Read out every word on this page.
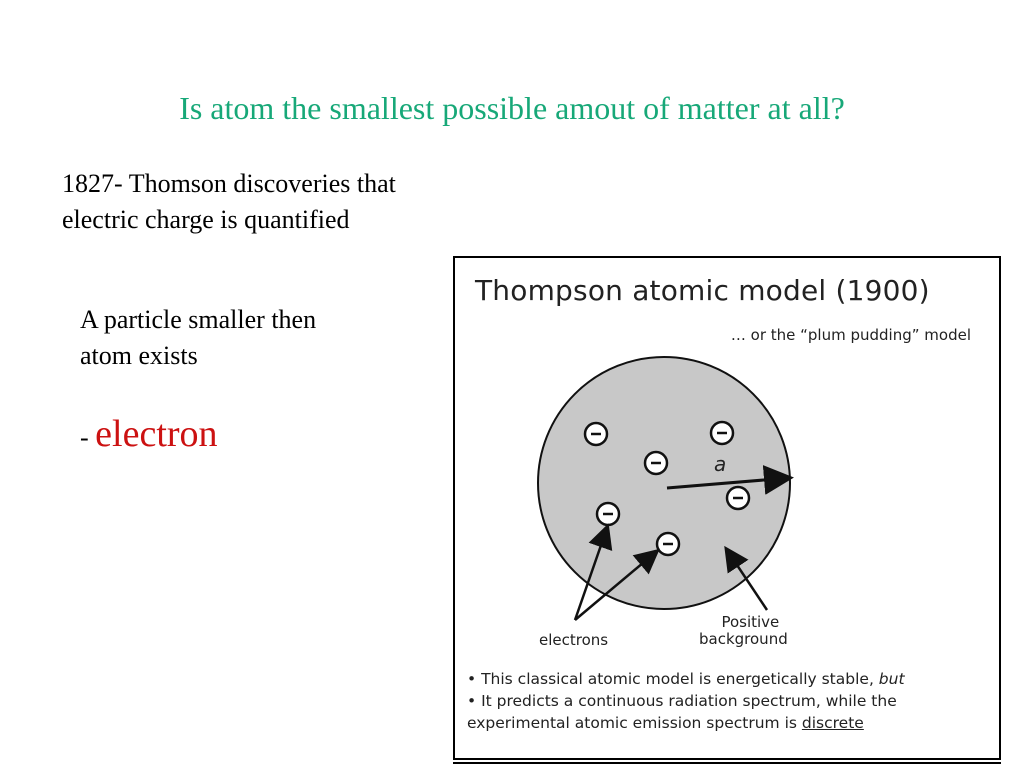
Is atom the smallest possible amout of matter at all?
1827- Thomson discoveries that
electric charge is quantified
A particle smaller then
atom exists
- electron
Thompson atomic model (1900)
… or the “plum pudding” model
a
electrons
Positive
background
• This classical atomic model is energetically stable, but
• It predicts a continuous radiation spectrum, while the
experimental atomic emission spectrum is discrete
